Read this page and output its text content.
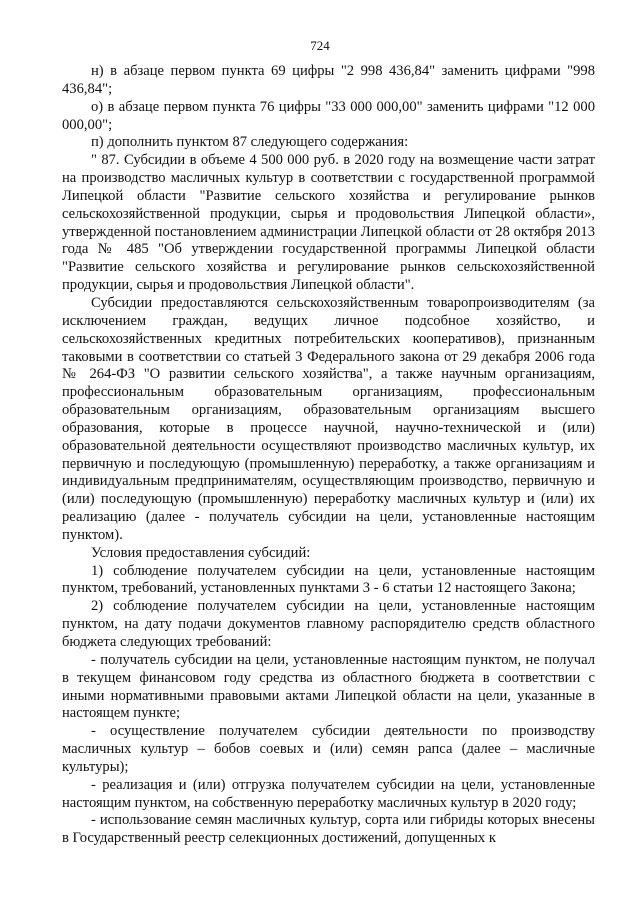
724

н) в абзаце первом пункта 69 цифры "2 998 436,84" заменить цифрами "998 436,84";

о) в абзаце первом пункта 76 цифры "33 000 000,00" заменить цифрами "12 000 000,00";

п) дополнить пунктом 87 следующего содержания:

" 87. Субсидии в объеме 4 500 000 руб. в 2020 году на возмещение части затрат на производство масличных культур в соответствии с государственной программой Липецкой области "Развитие сельского хозяйства и регулирование рынков сельскохозяйственной продукции, сырья и продовольствия Липецкой области», утвержденной постановлением администрации Липецкой области от 28 октября 2013 года № 485 "Об утверждении государственной программы Липецкой области "Развитие сельского хозяйства и регулирование рынков сельскохозяйственной продукции, сырья и продовольствия Липецкой области".

Субсидии предоставляются сельскохозяйственным товаропроизводителям (за исключением граждан, ведущих личное подсобное хозяйство, и сельскохозяйственных кредитных потребительских кооперативов), признанным таковыми в соответствии со статьей 3 Федерального закона от 29 декабря 2006 года № 264-ФЗ "О развитии сельского хозяйства", а также научным организациям, профессиональным образовательным организациям, профессиональным образовательным организациям, образовательным организациям высшего образования, которые в процессе научной, научно-технической и (или) образовательной деятельности осуществляют производство масличных культур, их первичную и последующую (промышленную) переработку, а также организациям и индивидуальным предпринимателям, осуществляющим производство, первичную и (или) последующую (промышленную) переработку масличных культур и (или) их реализацию (далее - получатель субсидии на цели, установленные настоящим пунктом).

Условия предоставления субсидий:

1) соблюдение получателем субсидии на цели, установленные настоящим пунктом, требований, установленных пунктами 3 - 6 статьи 12 настоящего Закона;

2) соблюдение получателем субсидии на цели, установленные настоящим пунктом, на дату подачи документов главному распорядителю средств областного бюджета следующих требований:

- получатель субсидии на цели, установленные настоящим пунктом, не получал в текущем финансовом году средства из областного бюджета в соответствии с иными нормативными правовыми актами Липецкой области на цели, указанные в настоящем пункте;

- осуществление получателем субсидии деятельности по производству масличных культур – бобов соевых и (или) семян рапса (далее – масличные культуры);

- реализация и (или) отгрузка получателем субсидии на цели, установленные настоящим пунктом, на собственную переработку масличных культур в 2020 году;

- использование семян масличных культур, сорта или гибриды которых внесены в Государственный реестр селекционных достижений, допущенных к
